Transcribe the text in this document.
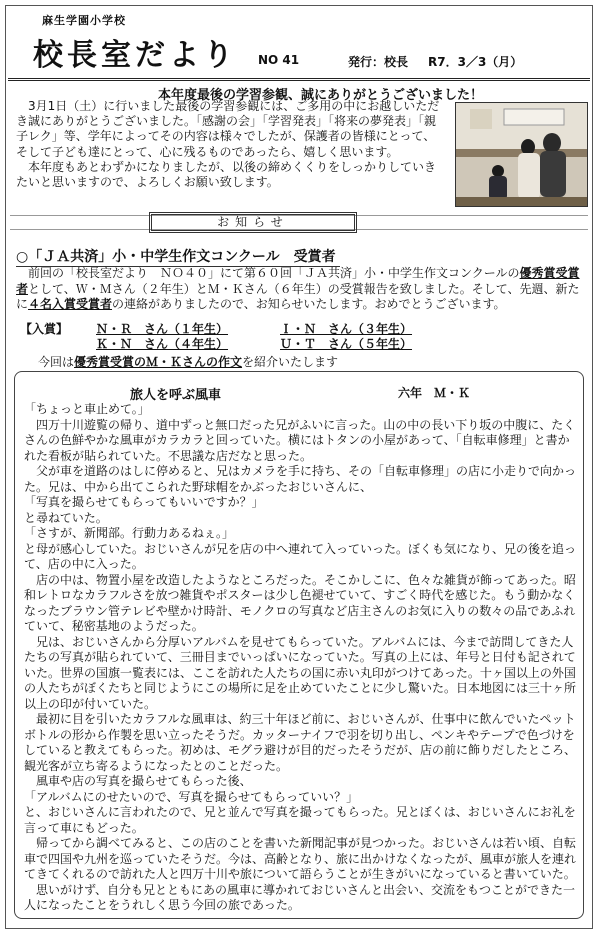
麻生学園小学校
校長室だより NO 41	発行：校長 R7．3／3（月）
本年度最後の学習参観、誠にありがとうございました！

3月1日（土）に行いました最後の学習参観には、ご多用の中にお越しいただき誠にありがとうございました。「感謝の会」「学習発表」「将来の夢発表」「親子レク」等、学年によってその内容は様々でしたが、保護者の皆様にとって、そして子ども達にとって、心に残るものであったら、嬉しく思います。

本年度もあとわずかになりましたが、以後の締めくくりをしっかりしていきたいと思いますので、よろしくお願い致します。

お知らせ
○「ＪＡ共済」小・中学生作文コンクール　受賞者

前回の「校長室だより　ＮＯ４０」にて第６０回「ＪＡ共済」小・中学生作文コンクールの優秀賞受賞者として、Ｗ・Ｍさん（２年生）とＭ・Ｋさん（６年生）の受賞報告を致しました。そして、先週、新たに４名入賞受賞者の連絡がありましたので、お知らせいたします。おめでとうございます。

【入賞】 Ｎ・Ｒ　さん（１年生）	Ｉ・Ｎ　さん（３年生）
Ｋ・Ｎ　さん（４年生）	Ｕ・Ｔ　さん（５年生）
今回は優秀賞受賞のＭ・Ｋさんの作文を紹介いたします
旅人を呼ぶ風車	六年　Ｍ・Ｋ

「ちょっと車止めて。」

　四万十川遊覧の帰り、道中ずっと無口だった兄がふいに言った。山の中の長い下り坂の中腹に、たくさんの色鮮やかな風車がカラカラと回っていた。横にはトタンの小屋があって、「自転車修理」と書かれた看板が貼られていた。不思議な店だなと思った。

　父が車を道路のはしに停めると、兄はカメラを手に持ち、その「自転車修理」の店に小走りで向かった。兄は、中から出てこられた野球帽をかぶったおじいさんに、

「写真を撮らせてもらってもいいですか？」

と尋ねていた。

「さすが、新聞部。行動力あるねぇ。」

と母が感心していた。おじいさんが兄を店の中へ連れて入っていった。ぼくも気になり、兄の後を追って、店の中に入った。

　店の中は、物置小屋を改造したようなところだった。そこかしこに、色々な雑貨が飾ってあった。昭和レトロなカラフルさを放つ雑貨やポスターは少し色褪せていて、すごく時代を感じた。もう動かなくなったブラウン管テレビや壁かけ時計、モノクロの写真など店主さんのお気に入りの数々の品であふれていて、秘密基地のようだった。

　兄は、おじいさんから分厚いアルバムを見せてもらっていた。アルバムには、今まで訪問してきた人たちの写真が貼られていて、三冊目までいっぱいになっていた。写真の上には、年号と日付も記されていた。世界の国旗一覧表には、ここを訪れた人たちの国に赤い丸印がつけてあった。十ヶ国以上の外国の人たちがぼくたちと同じようにこの場所に足を止めていたことに少し驚いた。日本地図には三十ヶ所以上の印が付いていた。

　最初に目を引いたカラフルな風車は、約三十年ほど前に、おじいさんが、仕事中に飲んでいたペットボトルの形から作製を思い立ったそうだ。カッターナイフで羽を切り出し、ペンキやテープで色づけをしていると教えてもらった。初めは、モグラ避けが目的だったそうだが、店の前に飾りだしたところ、観光客が立ち寄るようになったとのことだった。

　風車や店の写真を撮らせてもらった後、

「アルバムにのせたいので、写真を撮らせてもらっていい？」

と、おじいさんに言われたので、兄と並んで写真を撮ってもらった。兄とぼくは、おじいさんにお礼を言って車にもどった。

　帰ってから調べてみると、この店のことを書いた新聞記事が見つかった。おじいさんは若い頃、自転車で四国や九州を巡っていたそうだ。今は、高齢となり、旅に出かけなくなったが、風車が旅人を連れてきてくれるので訪れた人と四万十川や旅について語らうことが生きがいになっていると書いていた。

　思いがけず、自分も兄とともにあの風車に導かれておじいさんと出会い、交流をもつことができた一人になったことをうれしく思う今回の旅であった。
